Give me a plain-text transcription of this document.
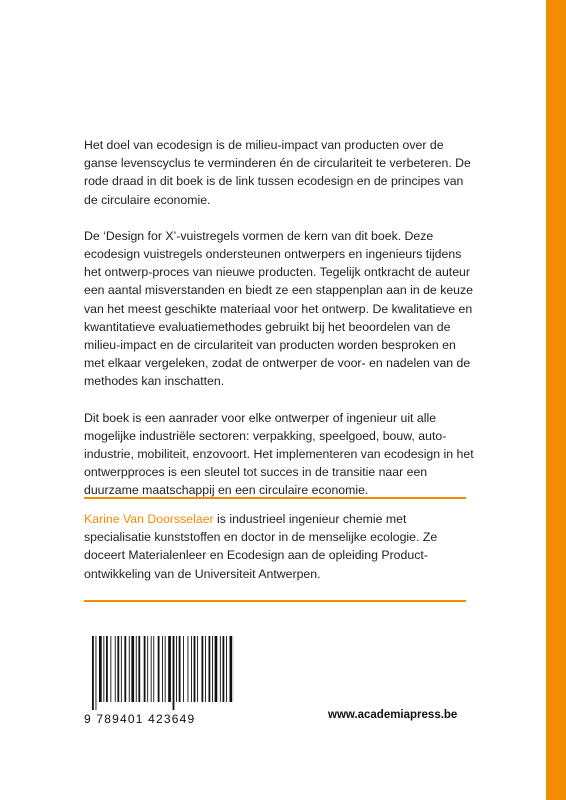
Het doel van ecodesign is de milieu-impact van producten over de ganse levenscyclus te verminderen én de circulariteit te verbeteren. De rode draad in dit boek is de link tussen ecodesign en de principes van de circulaire economie.

De ‘Design for X’-vuistregels vormen de kern van dit boek. Deze ecodesign vuistregels ondersteunen ontwerpers en ingenieurs tijdens het ontwerp-proces van nieuwe producten. Tegelijk ontkracht de auteur een aantal misverstanden en biedt ze een stappenplan aan in de keuze van het meest geschikte materiaal voor het ontwerp. De kwalitatieve en kwantitatieve evaluatiemethodes gebruikt bij het beoordelen van de milieu-impact en de circulariteit van producten worden besproken en met elkaar vergeleken, zodat de ontwerper de voor- en nadelen van de methodes kan inschatten.

Dit boek is een aanrader voor elke ontwerper of ingenieur uit alle mogelijke industriële sectoren: verpakking, speelgoed, bouw, auto-industrie, mobiliteit, enzovoort. Het implementeren van ecodesign in het ontwerpproces is een sleutel tot succes in de transitie naar een duurzame maatschappij en een circulaire economie.

Karine Van Doorsselaer is industrieel ingenieur chemie met specialisatie kunststoffen en doctor in de menselijke ecologie. Ze doceert Materialenleer en Ecodesign aan de opleiding Product-ontwikkeling van de Universiteit Antwerpen.
9 789401 423649	www.academiapress.be
